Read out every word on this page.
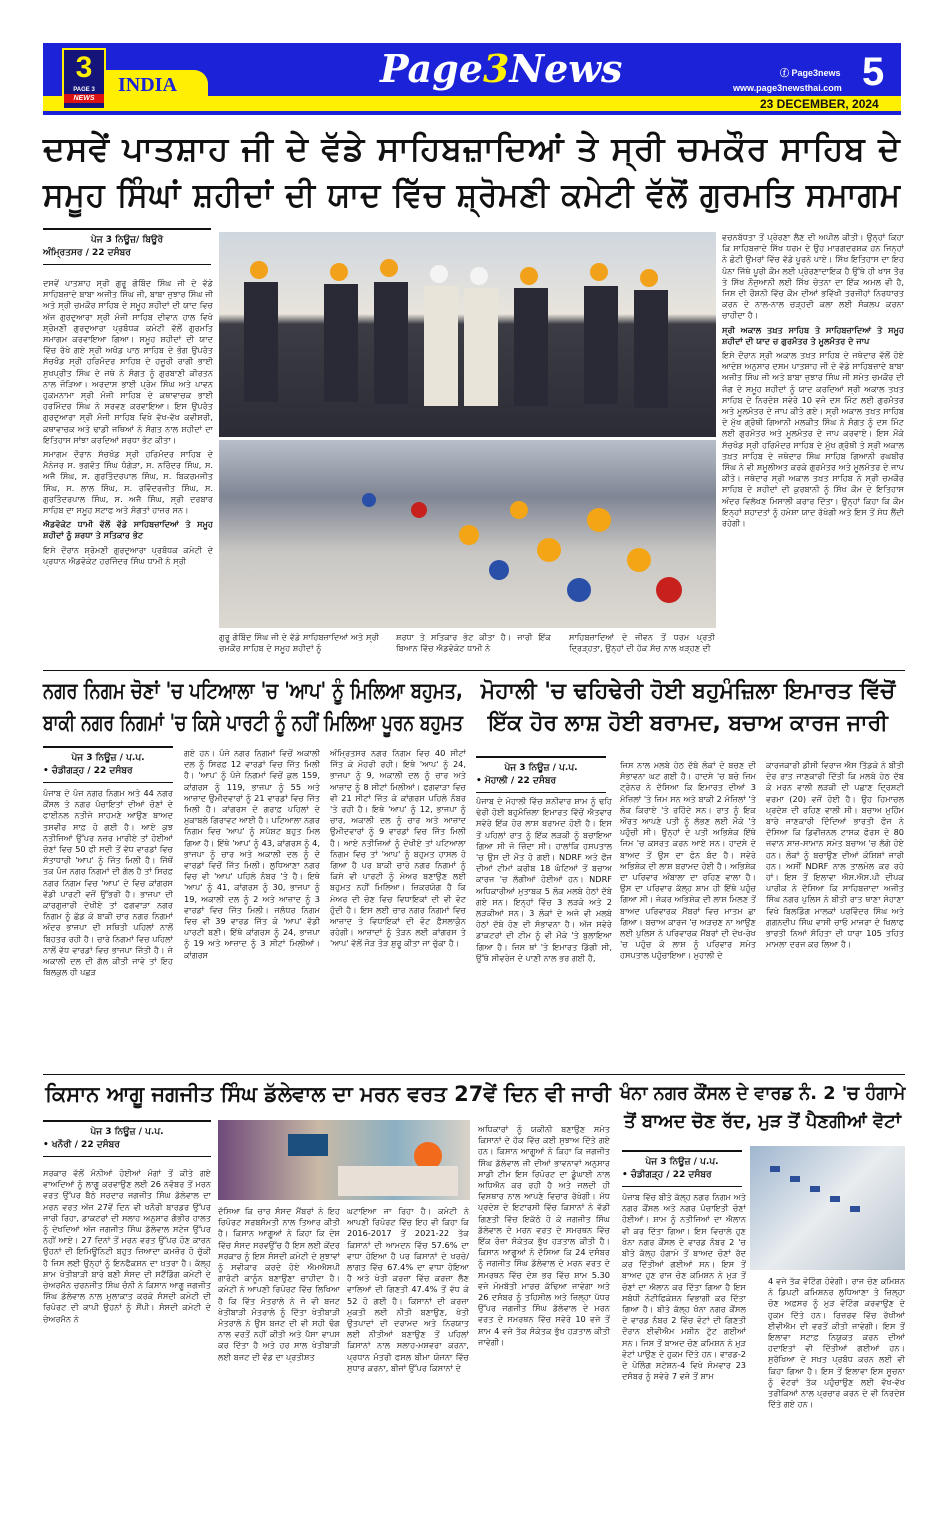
3
PAGE 3
NEWS
INDIA	Page3News	ⓕ Page3news
www.page3newsthai.com 5
23 DECEMBER, 2024
ਦਸਵੇਂ ਪਾਤਸ਼ਾਹ ਜੀ ਦੇ ਵੱਡੇ ਸਾਹਿਬਜ਼ਾਦਿਆਂ ਤੇ ਸ੍ਰੀ ਚਮਕੌਰ ਸਾਹਿਬ ਦੇ
ਸਮੂਹ ਸਿੰਘਾਂ ਸ਼ਹੀਦਾਂ ਦੀ ਯਾਦ ਵਿੱਚ ਸ਼੍ਰੋਮਣੀ ਕਮੇਟੀ ਵੱਲੋਂ ਗੁਰਮਤਿ ਸਮਾਗਮ
ਪੇਜ 3 ਨਿਊਜ਼/ ਬਿਊਰੋ
ਅੰਮ੍ਰਿਤਸਰ / 22 ਦਸੰਬਰ

ਦਸਵੇਂ ਪਾਤਸ਼ਾਹ ਸ੍ਰੀ ਗੁਰੂ ਗੋਬਿੰਦ ਸਿੰਘ ਜੀ ਦੇ ਵੱਡੇ ਸਾਹਿਬਜ਼ਾਦੇ ਬਾਬਾ ਅਜੀਤ ਸਿੰਘ ਜੀ, ਬਾਬਾ ਜੁਝਾਰ ਸਿੰਘ ਜੀ ਅਤੇ ਸ੍ਰੀ ਚਮਕੌਰ ਸਾਹਿਬ ਦੇ ਸਮੂਹ ਸ਼ਹੀਦਾਂ ਦੀ ਯਾਦ ਵਿਚ ਅੱਜ ਗੁਰਦੁਆਰਾ ਸ੍ਰੀ ਮੰਜੀ ਸਾਹਿਬ ਦੀਵਾਨ ਹਾਲ ਵਿਖੇ ਸ਼੍ਰੋਮਣੀ ਗੁਰਦੁਆਰਾ ਪ੍ਰਬੰਧਕ ਕਮੇਟੀ ਵੱਲੋਂ ਗੁਰਮਤਿ ਸਮਾਗਮ ਕਰਵਾਇਆ ਗਿਆ। ਸਮੂਹ ਸ਼ਹੀਦਾਂ ਦੀ ਯਾਦ ਵਿੱਚ ਰੱਖੇ ਗਏ ਸ੍ਰੀ ਅਖੰਡ ਪਾਠ ਸਾਹਿਬ ਦੇ ਭੋਗ ਉਪਰੰਤ ਸੱਚਖੰਡ ਸ੍ਰੀ ਹਰਿਮੰਦਰ ਸਾਹਿਬ ਦੇ ਹਜ਼ੂਰੀ ਰਾਗੀ ਭਾਈ ਸੁਖਪ੍ਰੀਤ ਸਿੰਘ ਦੇ ਜਥੇ ਨੇ ਸੰਗਤ ਨੂੰ ਗੁਰਬਾਣੀ ਕੀਰਤਨ ਨਾਲ ਜੋੜਿਆ। ਅਰਦਾਸ ਭਾਈ ਪ੍ਰੇਮ ਸਿੰਘ ਅਤੇ ਪਾਵਨ ਹੁਕਮਨਾਮਾ ਸ੍ਰੀ ਮੰਜੀ ਸਾਹਿਬ ਦੇ ਕਥਾਵਾਚਕ ਭਾਈ ਹਰਮਿੰਦਰ ਸਿੰਘ ਨੇ ਸਰਵਣ ਕਰਵਾਇਆ। ਇਸ ਉਪਰੰਤ ਗੁਰਦੁਆਰਾ ਸ੍ਰੀ ਮੰਜੀ ਸਾਹਿਬ ਵਿਖੇ ਵੱਖ-ਵੱਖ ਕਵੀਸ਼ਰੀ, ਕਥਾਵਾਚਕ ਅਤੇ ਢਾਡੀ ਜਥਿਆਂ ਨੇ ਸੰਗਤ ਨਾਲ ਸ਼ਹੀਦਾਂ ਦਾ ਇਤਿਹਾਸ ਸਾਂਝਾ ਕਰਦਿਆਂ ਸ਼ਰਧਾ ਭੇਟ ਕੀਤਾ।

ਸਮਾਗਮ ਦੌਰਾਨ ਸੱਚਖੰਡ ਸ੍ਰੀ ਹਰਿਮੰਦਰ ਸਾਹਿਬ ਦੇ ਮੈਨੇਜਰ ਸ. ਭਗਵੰਤ ਸਿੰਘ ਧੰਗੇੜਾ, ਸ. ਨਰਿੰਦਰ ਸਿੰਘ, ਸ. ਅਜੈ ਸਿੰਘ, ਸ. ਗੁਰਤਿੰਦਰਪਾਲ ਸਿੰਘ, ਸ. ਬਿਕਰਮਜੀਤ ਸਿੰਘ, ਸ. ਲਾਲ ਸਿੰਘ, ਸ. ਰਵਿੰਦਰਜੀਤ ਸਿੰਘ, ਸ. ਗੁਰਤਿੰਦਰਪਾਲ ਸਿੰਘ, ਸ. ਅਜੈ ਸਿੰਘ, ਸ੍ਰੀ ਦਰਬਾਰ ਸਾਹਿਬ ਦਾ ਸਮੂਹ ਸਟਾਫ ਅਤੇ ਸੰਗਤਾਂ ਹਾਜ਼ਰ ਸਨ।

ਐਡਵੋਕੇਟ ਧਾਮੀ ਵੱਲੋਂ ਵੱਡੇ ਸਾਹਿਬਜ਼ਾਦਿਆਂ ਤੇ ਸਮੂਹ ਸ਼ਹੀਦਾਂ ਨੂੰ ਸ਼ਰਧਾ ਤੇ ਸਤਿਕਾਰ ਭੇਟ

ਇਸੇ ਦੌਰਾਨ ਸ਼੍ਰੋਮਣੀ ਗੁਰਦੁਆਰਾ ਪ੍ਰਬੰਧਕ ਕਮੇਟੀ ਦੇ ਪ੍ਰਧਾਨ ਐਡਵੋਕੇਟ ਹਰਜਿੰਦਰ ਸਿੰਘ ਧਾਮੀ ਨੇ ਸ੍ਰੀ

ਗੁਰੂ ਗੋਬਿੰਦ ਸਿੰਘ ਜੀ ਦੇ ਵੱਡੇ ਸਾਹਿਬਜ਼ਾਦਿਆਂ ਅਤੇ ਸ੍ਰੀ ਚਮਕੌਰ ਸਾਹਿਬ ਦੇ ਸਮੂਹ ਸ਼ਹੀਦਾਂ ਨੂੰ
ਸ਼ਰਧਾ ਤੇ ਸਤਿਕਾਰ ਭੇਟ ਕੀਤਾ ਹੈ। ਜਾਰੀ ਇੱਕ ਬਿਆਨ ਵਿੱਚ ਐਡਵੋਕੇਟ ਧਾਮੀ ਨੇ
ਸਾਹਿਬਜ਼ਾਦਿਆਂ ਦੇ ਜੀਵਨ ਤੋਂ ਧਰਮ ਪ੍ਰਤੀ ਦ੍ਰਿੜ੍ਹਤਾ, ਉਨ੍ਹਾਂ ਦੀ ਹੱਕ ਸੱਚ ਨਾਲ ਖੜ੍ਹਣ ਦੀ

ਵਚਨਬੱਧਤਾ ਤੋਂ ਪ੍ਰੇਰਣਾ ਲੈਣ ਦੀ ਅਪੀਲ ਕੀਤੀ। ਉਨ੍ਹਾਂ ਕਿਹਾ ਕਿ ਸਾਹਿਬਜ਼ਾਦੇ ਸਿੱਖ ਧਰਮ ਦੇ ਉਹ ਮਾਰਗਦਰਸ਼ਕ ਹਨ ਜਿਨ੍ਹਾਂ ਨੇ ਛੋਟੀ ਉਮਰਾਂ ਵਿੱਚ ਵੱਡੇ ਪੂਰਨੇ ਪਾਏ। ਸਿੱਖ ਇਤਿਹਾਸ ਦਾ ਇਹ ਪੰਨਾ ਜਿੱਥੇ ਪੂਰੀ ਕੌਮ ਲਈ ਪ੍ਰੇਰਣਾਦਾਇਕ ਹੈ ਉੱਥੇ ਹੀ ਖਾਸ ਤੌਰ ਤੇ ਸਿੱਖ ਨੌਜੁਆਨੀ ਲਈ ਸਿੱਖ ਚੇਤਨਾ ਦਾ ਇੱਕ ਅਮਲ ਵੀ ਹੈ, ਜਿਸ ਦੀ ਰੌਸ਼ਨੀ ਵਿੱਚ ਕੌਮ ਦੀਆਂ ਭਵਿੱਖੀ ਤਰਜੀਹਾਂ ਨਿਰਧਾਰਤ ਕਰਨ ਦੇ ਨਾਲ-ਨਾਲ ਚੜ੍ਹਦੀ ਕਲਾ ਲਈ ਸੰਕਲਪ ਕਰਨਾ ਚਾਹੀਦਾ ਹੈ।

ਸ੍ਰੀ ਅਕਾਲ ਤਖ਼ਤ ਸਾਹਿਬ ਤੇ ਸਾਹਿਬਜ਼ਾਦਿਆਂ ਤੇ ਸਮੂਹ ਸ਼ਹੀਦਾਂ ਦੀ ਯਾਦ ਚ ਗੁਰਮੰਤਰ ਤੇ ਮੂਲਮੰਤਰ ਦੇ ਜਾਪ

ਇਸੇ ਦੌਰਾਨ ਸ੍ਰੀ ਅਕਾਲ ਤਖ਼ਤ ਸਾਹਿਬ ਦੇ ਜਥੇਦਾਰ ਵੱਲੋਂ ਹੋਏ ਆਦੇਸ਼ ਅਨੁਸਾਰ ਦਸਮ ਪਾਤਸ਼ਾਹ ਜੀ ਦੇ ਵੱਡੇ ਸਾਹਿਬਜ਼ਾਦੇ ਬਾਬਾ ਅਜੀਤ ਸਿੰਘ ਜੀ ਅਤੇ ਬਾਬਾ ਜੁਝਾਰ ਸਿੰਘ ਜੀ ਸਮੇਤ ਚਮਕੌਰ ਦੀ ਜੰਗ ਦੇ ਸਮੂਹ ਸ਼ਹੀਦਾਂ ਨੂੰ ਯਾਦ ਕਰਦਿਆਂ ਸ੍ਰੀ ਅਕਾਲ ਤਖ਼ਤ ਸਾਹਿਬ ਦੇ ਨਿਰਦੇਸ਼ ਸਵੇਰੇ 10 ਵਜੇ ਦਸ ਮਿੰਟ ਲਈ ਗੁਰਮੰਤਰ ਅਤੇ ਮੂਲਮੰਤਰ ਦੇ ਜਾਪ ਕੀਤੇ ਗਏ। ਸ੍ਰੀ ਅਕਾਲ ਤਖ਼ਤ ਸਾਹਿਬ ਦੇ ਮੁੱਖ ਗ੍ਰੰਥੀ ਗਿਆਨੀ ਮਲਕੀਤ ਸਿੰਘ ਨੇ ਸੰਗਤ ਨੂੰ ਦਸ ਮਿੰਟ ਲਈ ਗੁਰਮੰਤਰ ਅਤੇ ਮੂਲਮੰਤਰ ਦੇ ਜਾਪ ਕਰਵਾਏ। ਇਸ ਮੌਕੇ ਸੱਚਖੰਡ ਸ੍ਰੀ ਹਰਿਮੰਦਰ ਸਾਹਿਬ ਦੇ ਮੁੱਖ ਗ੍ਰੰਥੀ ਤੇ ਸ੍ਰੀ ਅਕਾਲ ਤਖ਼ਤ ਸਾਹਿਬ ਦੇ ਜਥੇਦਾਰ ਸਿੰਘ ਸਾਹਿਬ ਗਿਆਨੀ ਰਘਬੀਰ ਸਿੰਘ ਨੇ ਵੀ ਸ਼ਮੂਲੀਅਤ ਕਰਕੇ ਗੁਰਮੰਤਰ ਅਤੇ ਮੂਲਮੰਤਰ ਦੇ ਜਾਪ ਕੀਤੇ। ਜਥੇਦਾਰ ਸ੍ਰੀ ਅਕਾਲ ਤਖ਼ਤ ਸਾਹਿਬ ਨੇ ਸ੍ਰੀ ਚਮਕੌਰ ਸਾਹਿਬ ਦੇ ਸ਼ਹੀਦਾਂ ਦੀ ਕੁਰਬਾਨੀ ਨੂੰ ਸਿੱਖ ਕੌਮ ਦੇ ਇਤਿਹਾਸ ਅੰਦਰ ਵਿਲੱਖਣ ਮਿਸਾਲੀ ਕਰਾਰ ਦਿੱਤਾ। ਉਨ੍ਹਾਂ ਕਿਹਾ ਕਿ ਕੌਮ ਇਨ੍ਹਾਂ ਸ਼ਹਾਦਤਾਂ ਨੂੰ ਹਮੇਸ਼ਾ ਯਾਦ ਰੱਖੇਗੀ ਅਤੇ ਇਸ ਤੋਂ ਸੇਧ ਲੈਂਦੀ ਰਹੇਗੀ।

ਨਗਰ ਨਿਗਮ ਚੋਣਾਂ 'ਚ ਪਟਿਆਲਾ 'ਚ 'ਆਪ' ਨੂੰ ਮਿਲਿਆ ਬਹੁਮਤ,
ਬਾਕੀ ਨਗਰ ਨਿਗਮਾਂ 'ਚ ਕਿਸੇ ਪਾਰਟੀ ਨੂੰ ਨਹੀਂ ਮਿਲਿਆ ਪੂਰਨ ਬਹੁਮਤ
ਪੇਜ 3 ਨਿਊਜ਼ / ਪ.ਪ.
• ਚੰਡੀਗੜ੍ਹ / 22 ਦਸੰਬਰ
ਪੰਜਾਬ ਦੇ ਪੰਜ ਨਗਰ ਨਿਗਮ ਅਤੇ 44 ਨਗਰ ਕੌਂਸਲ ਤੇ ਨਗਰ ਪੰਚਾਇਤਾਂ ਦੀਆਂ ਚੋਣਾਂ ਦੇ ਫਾਈਨਲ ਨਤੀਜੇ ਸਾਹਮਣੇ ਆਉਣ ਬਾਅਦ ਤਸਵੀਰ ਸਾਫ਼ ਹੋ ਗਈ ਹੈ। ਆਏ ਕੁਝ ਨਤੀਜਿਆਂ ਉੱਪਰ ਨਜ਼ਰ ਮਾਰੀਏ ਤਾਂ ਹੋਈਆਂ ਚੋਣਾਂ ਵਿਚ 50 ਫੀ ਸਦੀ ਤੋਂ ਵੱਧ ਵਾਰਡਾਂ ਵਿਚ ਸੱਤਾਧਾਰੀ 'ਆਪ' ਨੂੰ ਜਿੱਤ ਮਿਲੀ ਹੈ। ਜਿੱਥੋਂ ਤਕ ਪੰਜ ਨਗਰ ਨਿਗਮਾਂ ਦੀ ਗੱਲ ਹੈ ਤਾਂ ਸਿਰਫ਼ ਨਗਰ ਨਿਗਮ ਵਿਚ 'ਆਪ' ਦੇ ਵਿਚ ਕਾਂਗਰਸ ਵੱਡੀ ਪਾਰਟੀ ਵਜੋਂ ਉੱਭਰੀ ਹੈ। ਭਾਜਪਾ ਦੀ ਕਾਰਗੁਜ਼ਾਰੀ ਦੇਖੀਏ ਤਾਂ ਫਗਵਾੜਾ ਨਗਰ ਨਿਗਮ ਨੂੰ ਛੱਡ ਕੇ ਬਾਕੀ ਚਾਰ ਨਗਰ ਨਿਗਮਾਂ ਅੰਦਰ ਭਾਜਪਾ ਦੀ ਸਥਿਤੀ ਪਹਿਲਾਂ ਨਾਲੋਂ ਬਿਹਤਰ ਰਹੀ ਹੈ। ਚਾਰੇ ਨਿਗਮਾਂ ਵਿਚ ਪਹਿਲਾਂ ਨਾਲੋਂ ਵੱਧ ਵਾਰਡਾਂ ਵਿਚ ਭਾਜਪਾ ਜਿੱਤੀ ਹੈ। ਜੇ ਅਕਾਲੀ ਦਲ ਦੀ ਗੱਲ ਕੀਤੀ ਜਾਵੇ ਤਾਂ ਇਹ ਬਿਲਕੁਲ ਹੀ ਪਛੜ
ਗਏ ਹਨ। ਪੰਜੇ ਨਗਰ ਨਿਗਮਾਂ ਵਿਚੋਂ ਅਕਾਲੀ ਦਲ ਨੂੰ ਸਿਰਫ਼ 12 ਵਾਰਡਾਂ ਵਿਚ ਜਿੱਤ ਮਿਲੀ ਹੈ। 'ਆਪ' ਨੂੰ ਪੰਜੇ ਨਿਗਮਾਂ ਵਿਚੋਂ ਕੁਲ 159, ਕਾਂਗਰਸ ਨੂੰ 119, ਭਾਜਪਾ ਨੂੰ 55 ਅਤੇ ਆਜ਼ਾਦ ਉਮੀਦਵਾਰਾਂ ਨੂੰ 21 ਵਾਰਡਾਂ ਵਿਚ ਜਿੱਤ ਮਿਲੀ ਹੈ। ਕਾਂਗਰਸ ਦੇ ਗਰਾਫ਼ ਪਹਿਲਾਂ ਦੇ ਮੁਕਾਬਲੇ ਗਿਰਾਵਟ ਆਈ ਹੈ। ਪਟਿਆਲਾ ਨਗਰ ਨਿਗਮ ਵਿਚ 'ਆਪ' ਨੂੰ ਸਪੱਸ਼ਟ ਬਹੁਤ ਮਿਲ ਗਿਆ ਹੈ। ਇੱਥੇ 'ਆਪ' ਨੂੰ 43, ਕਾਂਗਰਸ ਨੂੰ 4, ਭਾਜਪਾ ਨੂੰ ਚਾਰ ਅਤੇ ਅਕਾਲੀ ਦਲ ਨੂੰ ਦੋ ਵਾਰਡਾਂ ਵਿਚੋਂ ਜਿੱਤ ਮਿਲੀ। ਲੁਧਿਆਣਾ ਨਗਰ ਵਿਚ ਵੀ 'ਆਪ' ਪਹਿਲੇ ਨੰਬਰ 'ਤੇ ਹੈ। ਇਥੇ 'ਆਪ' ਨੂੰ 41, ਕਾਂਗਰਸ ਨੂੰ 30, ਭਾਜਪਾ ਨੂੰ 19, ਅਕਾਲੀ ਦਲ ਨੂੰ 2 ਅਤੇ ਆਜ਼ਾਦ ਨੂੰ 3 ਵਾਰਡਾਂ ਵਿਚ ਜਿੱਤ ਮਿਲੀ। ਜਲੰਧਰ ਨਿਗਮ ਵਿਚ ਵੀ 39 ਵਾਰਡ ਜਿੱਤ ਕੇ 'ਆਪ' ਵੱਡੀ ਪਾਰਟੀ ਬਣੀ। ਇੱਥੇ ਕਾਂਗਰਸ ਨੂੰ 24, ਭਾਜਪਾ ਨੂੰ 19 ਅਤੇ ਆਜ਼ਾਦ ਨੂੰ 3 ਸੀਟਾਂ ਮਿਲੀਆਂ। ਕਾਂਗਰਸ
ਅੰਮ੍ਰਿਤਸਰ ਨਗਰ ਨਿਗਮ ਵਿਚ 40 ਸੀਟਾਂ ਜਿੱਤ ਕੇ ਮੋਹਰੀ ਰਹੀ। ਇਥੇ 'ਆਪ' ਨੂੰ 24, ਭਾਜਪਾ ਨੂੰ 9, ਅਕਾਲੀ ਦਲ ਨੂੰ ਚਾਰ ਅਤੇ ਆਜ਼ਾਦ ਨੂੰ 8 ਸੀਟਾਂ ਮਿਲੀਆਂ। ਫਗਵਾੜਾ ਵਿਚ ਵੀ 21 ਸੀਟਾਂ ਜਿੱਤ ਕੇ ਕਾਂਗਰਸ ਪਹਿਲੇ ਨੰਬਰ 'ਤੇ ਰਹੀ ਹੈ। ਇਥੇ 'ਆਪ' ਨੂੰ 12, ਭਾਜਪਾ ਨੂੰ ਚਾਰ, ਅਕਾਲੀ ਦਲ ਨੂੰ ਚਾਰ ਅਤੇ ਆਜ਼ਾਦ ਉਮੀਦਵਾਰਾਂ ਨੂੰ 9 ਵਾਰਡਾਂ ਵਿਚ ਜਿੱਤ ਮਿਲੀ ਹੈ। ਆਏ ਨਤੀਜਿਆਂ ਨੂੰ ਦੇਖੀਏ ਤਾਂ ਪਟਿਆਲਾ ਨਿਗਮ ਵਿਚ ਤਾਂ 'ਆਪ' ਨੂੰ ਬਹੁਮਤ ਹਾਸਲ ਹੋ ਗਿਆ ਹੈ ਪਰ ਬਾਕੀ ਚਾਰੇ ਨਗਰ ਨਿਗਮਾਂ ਨੂੰ ਕਿਸੇ ਵੀ ਪਾਰਟੀ ਨੂੰ ਮੇਅਰ ਬਣਾਉਣ ਲਈ ਬਹੁਮਤ ਨਹੀਂ ਮਿਲਿਆ। ਜ਼ਿਕਰਯੋਗ ਹੈ ਕਿ ਮੇਅਰ ਦੀ ਚੋਣ ਵਿਚ ਵਿਧਾਇਕਾਂ ਦੀ ਵੀ ਵੋਟ ਹੁੰਦੀ ਹੈ। ਇਸ ਲਈ ਚਾਰ ਨਗਰ ਨਿਗਮਾਂ ਵਿਚ ਆਜ਼ਾਦ ਤੇ ਵਿਧਾਇਕਾਂ ਦੀ ਵੋਟ ਫ਼ੈਸਲਾਕੁੰਨ ਰਹੇਗੀ। ਆਜ਼ਾਦਾਂ ਨੂੰ ਤੋੜਨ ਲਈ ਕਾਂਗਰਸ ਤੇ 'ਆਪ' ਵੱਲੋਂ ਜੋੜ ਤੋੜ ਸ਼ੁਰੂ ਕੀਤਾ ਜਾ ਚੁੱਕਾ ਹੈ।
ਮੋਹਾਲੀ 'ਚ ਢਹਿਢੇਰੀ ਹੋਈ ਬਹੁਮੰਜ਼ਿਲਾ ਇਮਾਰਤ ਵਿੱਚੋਂ
ਇੱਕ ਹੋਰ ਲਾਸ਼ ਹੋਈ ਬਰਾਮਦ, ਬਚਾਅ ਕਾਰਜ ਜਾਰੀ
ਪੇਜ 3 ਨਿਊਜ਼ / ਪ.ਪ.
• ਮੋਹਾਲੀ / 22 ਦਸੰਬਰ
ਪੰਜਾਬ ਦੇ ਮੋਹਾਲੀ ਵਿੱਚ ਸ਼ਨੀਵਾਰ ਸ਼ਾਮ ਨੂੰ ਢਹਿ ਢੇਰੀ ਹੋਈ ਬਹੁਮੰਜ਼ਿਲਾ ਇਮਾਰਤ ਵਿੱਚੋਂ ਐਤਵਾਰ ਸਵੇਰੇ ਇੱਕ ਹੋਰ ਲਾਸ਼ ਬਰਾਮਦ ਹੋਈ ਹੈ। ਇਸ ਤੋਂ ਪਹਿਲਾਂ ਰਾਤ ਨੂੰ ਇੱਕ ਲੜਕੀ ਨੂੰ ਬਚਾਇਆ ਗਿਆ ਸੀ ਜੋ ਜ਼ਿੰਦਾ ਸੀ। ਹਾਲਾਂਕਿ ਹਸਪਤਾਲ 'ਚ ਉਸ ਦੀ ਮੌਤ ਹੋ ਗਈ। NDRF ਅਤੇ ਫੌਜ ਦੀਆਂ ਟੀਮਾਂ ਕਰੀਬ 18 ਘੰਟਿਆਂ ਤੋਂ ਬਚਾਅ ਕਾਰਜ 'ਚ ਲੱਗੀਆਂ ਹੋਈਆਂ ਹਨ। NDRF ਅਧਿਕਾਰੀਆਂ ਮੁਤਾਬਕ 5 ਲੋਕ ਮਲਬੇ ਹੇਠਾਂ ਦੱਬੇ ਗਏ ਸਨ। ਇਨ੍ਹਾਂ ਵਿੱਚ 3 ਲੜਕੇ ਅਤੇ 2 ਲੜਕੀਆਂ ਸਨ। 3 ਲੋਕਾਂ ਦੇ ਅਜੇ ਵੀ ਮਲਬੇ ਹੇਠਾਂ ਦੱਬੇ ਹੋਣ ਦੀ ਸੰਭਾਵਨਾ ਹੈ। ਅੱਜ ਸਵੇਰੇ ਡਾਕਟਰਾਂ ਦੀ ਟੀਮ ਨੂੰ ਵੀ ਮੌਕੇ 'ਤੇ ਬੁਲਾਇਆ ਗਿਆ ਹੈ। ਜਿਸ ਥਾਂ 'ਤੇ ਇਮਾਰਤ ਡਿੱਗੀ ਸੀ, ਉੱਥੇ ਸੀਵਰੇਜ ਦੇ ਪਾਣੀ ਨਾਲ ਭਰ ਗਈ ਹੈ,
ਜਿਸ ਨਾਲ ਮਲਬੇ ਹੇਠ ਦੱਬੇ ਲੋਕਾਂ ਦੇ ਬਚਣ ਦੀ ਸੰਭਾਵਨਾ ਘਟ ਗਈ ਹੈ। ਹਾਦਸੇ 'ਚ ਬਚੇ ਜਿਮ ਟ੍ਰੇਨਰ ਨੇ ਦੱਸਿਆ ਕਿ ਇਮਾਰਤ ਦੀਆਂ 3 ਮੰਜ਼ਿਲਾਂ 'ਤੇ ਜਿਮ ਸਨ ਅਤੇ ਬਾਕੀ 2 ਮੰਜ਼ਿਲਾਂ 'ਤੇ ਲੋਕ ਕਿਰਾਏ 'ਤੇ ਰਹਿੰਦੇ ਸਨ। ਰਾਤ ਨੂੰ ਇਕ ਔਰਤ ਆਪਣੇ ਪਤੀ ਨੂੰ ਲੱਭਣ ਲਈ ਮੌਕੇ 'ਤੇ ਪਹੁੰਚੀ ਸੀ। ਉਨ੍ਹਾਂ ਦੇ ਪਤੀ ਅਭਿਸ਼ੇਕ ਇੱਥੇ ਜਿਮ 'ਚ ਕਸਰਤ ਕਰਨ ਆਏ ਸਨ। ਹਾਦਸੇ ਦੇ ਬਾਅਦ ਤੋਂ ਉਸ ਦਾ ਫੋਨ ਬੰਦ ਹੈ। ਸਵੇਰੇ ਅਭਿਸ਼ੇਕ ਦੀ ਲਾਸ਼ ਬਰਾਮਦ ਹੋਈ ਹੈ। ਅਭਿਸ਼ੇਕ ਦਾ ਪਰਿਵਾਰ ਅੰਬਾਲਾ ਦਾ ਰਹਿਣ ਵਾਲਾ ਹੈ। ਉਸ ਦਾ ਪਰਿਵਾਰ ਕੱਲ੍ਹ ਸ਼ਾਮ ਹੀ ਇੱਥੇ ਪਹੁੰਚ ਗਿਆ ਸੀ। ਜੇਕਰ ਅਭਿਸ਼ੇਕ ਦੀ ਲਾਸ਼ ਮਿਲਣ ਤੋਂ ਬਾਅਦ ਪਰਿਵਾਰਕ ਮੈਂਬਰਾਂ ਵਿਚ ਮਾਤਮ ਛਾ ਗਿਆ। ਬਚਾਅ ਕਾਰਜ 'ਚ ਅੜਚਣ ਨਾ ਆਉਣ ਲਈ ਪੁਲਿਸ ਨੇ ਪਰਿਵਾਰਕ ਮੈਂਬਰਾਂ ਦੀ ਦੇਖ-ਰੇਖ 'ਚ ਪਹੁੰਚ ਕੇ ਲਾਸ਼ ਨੂੰ ਪਰਿਵਾਰ ਸਮੇਤ ਹਸਪਤਾਲ ਪਹੁੰਚਾਇਆ। ਮੁਹਾਲੀ ਦੇ
ਕਾਰਜਕਾਰੀ ਡੀਸੀ ਵਿਰਾਜ ਐਸ ਤਿੱਡਕੇ ਨੇ ਬੀਤੀ ਦੇਰ ਰਾਤ ਜਾਣਕਾਰੀ ਦਿੱਤੀ ਕਿ ਮਲਬੇ ਹੇਠ ਦੱਬ ਕੇ ਮਰਨ ਵਾਲੀ ਲੜਕੀ ਦੀ ਪਛਾਣ ਦ੍ਰਿਸ਼ਟੀ ਵਰਮਾ (20) ਵਜੋਂ ਹੋਈ ਹੈ। ਉਹ ਹਿਮਾਚਲ ਪ੍ਰਦੇਸ਼ ਦੀ ਰਹਿਣ ਵਾਲੀ ਸੀ। ਬਚਾਅ ਮੁਹਿੰਮ ਬਾਰੇ ਜਾਣਕਾਰੀ ਦਿੰਦਿਆਂ ਭਾਰਤੀ ਫੌਜ ਨੇ ਦੱਸਿਆ ਕਿ ਡਿਵੀਜ਼ਨਲ ਟਾਸਕ ਫੋਰਸ ਦੇ 80 ਜਵਾਨ ਸਾਜ਼-ਸਾਮਾਨ ਸਮੇਤ ਬਚਾਅ 'ਚ ਲੱਗੇ ਹੋਏ ਹਨ। ਲੋਕਾਂ ਨੂੰ ਬਚਾਉਣ ਦੀਆਂ ਕੋਸ਼ਿਸ਼ਾਂ ਜਾਰੀ ਹਨ। ਅਸੀਂ NDRF ਨਾਲ ਤਾਲਮੇਲ ਕਰ ਰਹੇ ਹਾਂ। ਇਸ ਤੋਂ ਇਲਾਵਾ ਐਸ.ਐਸ.ਪੀ ਦੀਪਕ ਪਾਰੀਕ ਨੇ ਦੱਸਿਆ ਕਿ ਸਾਹਿਬਜ਼ਾਦਾ ਅਜੀਤ ਸਿੰਘ ਨਗਰ ਪੁਲਿਸ ਨੇ ਬੀਤੀ ਰਾਤ ਥਾਣਾ ਸੋਹਾਣਾ ਵਿਖੇ ਬਿਲਡਿੰਗ ਮਾਲਕਾਂ ਪਰਵਿੰਦਰ ਸਿੰਘ ਅਤੇ ਗਗਨਦੀਪ ਸਿੰਘ ਵਾਸੀ ਚਾਓ ਮਾਜਰਾ ਦੇ ਖਿਲਾਫ ਭਾਰਤੀ ਨਿਆਂ ਸੰਹਿਤਾ ਦੀ ਧਾਰਾ 105 ਤਹਿਤ ਮਾਮਲਾ ਦਰਜ ਕਰ ਲਿਆ ਹੈ।
ਕਿਸਾਨ ਆਗੂ ਜਗਜੀਤ ਸਿੰਘ ਡੱਲੇਵਾਲ ਦਾ ਮਰਨ ਵਰਤ 27ਵੇਂ ਦਿਨ ਵੀ ਜਾਰੀ
ਪੇਜ 3 ਨਿਊਜ਼ / ਪ.ਪ.
• ਖਨੌਰੀ / 22 ਦਸੰਬਰ
ਸਰਕਾਰ ਵੱਲੋਂ ਮੰਨੀਆਂ ਹੋਈਆਂ ਮੰਗਾਂ ਤੋਂ ਕੀਤੇ ਗਏ ਵਾਅਦਿਆਂ ਨੂੰ ਲਾਗੂ ਕਰਵਾਉਣ ਲਈ 26 ਨਵੰਬਰ ਤੋਂ ਮਰਨ ਵਰਤ ਉੱਪਰ ਬੈਠੇ ਸਰਦਾਰ ਜਗਜੀਤ ਸਿੰਘ ਡੱਲੇਵਾਲ ਦਾ ਮਰਨ ਵਰਤ ਅੱਜ 27ਵੇਂ ਦਿਨ ਵੀ ਖਨੌਰੀ ਬਾਰਡਰ ਉੱਪਰ ਜਾਰੀ ਰਿਹਾ, ਡਾਕਟਰਾਂ ਦੀ ਸਲਾਹ ਅਨੁਸਾਰ ਗੰਭੀਰ ਹਾਲਤ ਨੂੰ ਦੇਖਦਿਆਂ ਅੱਜ ਜਗਜੀਤ ਸਿੰਘ ਡੱਲੇਵਾਲ ਸਟੇਜ ਉੱਪਰ ਨਹੀਂ ਆਏ। 27 ਦਿਨਾਂ ਤੋਂ ਮਰਨ ਵਰਤ ਉੱਪਰ ਹੋਣ ਕਾਰਨ ਉਹਨਾਂ ਦੀ ਇਮਿਊਨਿਟੀ ਬਹੁਤ ਜ਼ਿਆਦਾ ਕਮਜ਼ੋਰ ਹੋ ਚੁੱਕੀ ਹੈ ਜਿਸ ਲਈ ਉਨ੍ਹਾਂ ਨੂੰ ਇਨਫੈਕਸ਼ਨ ਦਾ ਖ਼ਤਰਾ ਹੈ। ਕੱਲ੍ਹ ਸ਼ਾਮ ਖੇਤੀਬਾੜੀ ਬਾਰੇ ਬਣੀ ਸੰਸਦ ਦੀ ਸਟੈਂਡਿੰਗ ਕਮੇਟੀ ਦੇ ਚੇਅਰਮੈਨ ਚਰਨਜੀਤ ਸਿੰਘ ਚੰਨੀ ਨੇ ਕਿਸਾਨ ਆਗੂ ਜਗਜੀਤ ਸਿੰਘ ਡੱਲੇਵਾਲ ਨਾਲ ਮੁਲਾਕਾਤ ਕਰਕੇ ਸੰਸਦੀ ਕਮੇਟੀ ਦੀ ਰਿਪੋਰਟ ਦੀ ਕਾਪੀ ਉਹਨਾਂ ਨੂੰ ਸੌਂਪੀ। ਸੰਸਦੀ ਕਮੇਟੀ ਦੇ ਚੇਅਰਮੈਨ ਨੇ
ਦੱਸਿਆ ਕਿ ਚਾਰ ਸੰਸਦ ਮੈਂਬਰਾਂ ਨੇ ਇਹ ਰਿਪੋਰਟ ਸਰਬਸੰਮਤੀ ਨਾਲ ਤਿਆਰ ਕੀਤੀ ਹੈ। ਕਿਸਾਨ ਆਗੂਆਂ ਨੇ ਕਿਹਾ ਕਿ ਦੇਸ਼ ਵਿੱਚ ਸੰਸਦ ਸਰਵਉੱਚ ਹੈ ਇਸ ਲਈ ਕੇਂਦਰ ਸਰਕਾਰ ਨੂੰ ਇਸ ਸੰਸਦੀ ਕਮੇਟੀ ਦੇ ਸੁਝਾਵਾਂ ਨੂੰ ਸਵੀਕਾਰ ਕਰਦੇ ਹੋਏ ਐਮਐਸਪੀ ਗਾਰੰਟੀ ਕਾਨੂੰਨ ਬਣਾਉਣਾ ਚਾਹੀਦਾ ਹੈ। ਕਮੇਟੀ ਨੇ ਆਪਣੀ ਰਿਪੋਰਟ ਵਿੱਚ ਲਿਖਿਆ ਹੈ ਕਿ ਵਿੱਤ ਮੰਤਰਾਲੇ ਨੇ ਜੋ ਵੀ ਬਜਟ ਖੇਤੀਬਾੜੀ ਮੰਤਰਾਲੇ ਨੂੰ ਦਿੱਤਾ ਖੇਤੀਬਾੜੀ ਮੰਤਰਾਲੇ ਨੇ ਉਸ ਬਜਟ ਦੀ ਵੀ ਸਹੀ ਢੰਗ ਨਾਲ ਵਰਤੋਂ ਨਹੀਂ ਕੀਤੀ ਅਤੇ ਪੈਸਾ ਵਾਪਸ ਕਰ ਦਿੱਤਾ ਹੈ ਅਤੇ ਹਰ ਸਾਲ ਖੇਤੀਬਾੜੀ ਲਈ ਬਜਟ ਦੀ ਵੰਡ ਦਾ ਪ੍ਰਤੀਸ਼ਤ
ਘਟਾਇਆ ਜਾ ਰਿਹਾ ਹੈ। ਕਮੇਟੀ ਨੇ ਆਪਣੀ ਰਿਪੋਰਟ ਵਿੱਚ ਇਹ ਵੀ ਕਿਹਾ ਕਿ 2016-2017 ਤੋਂ 2021-22 ਤੱਕ ਕਿਸਾਨਾਂ ਦੀ ਆਮਦਨ ਵਿੱਚ 57.6% ਦਾ ਵਾਧਾ ਹੋਇਆ ਹੈ ਪਰ ਕਿਸਾਨਾਂ ਦੇ ਖਰਚੇ/ਲਾਗਤ ਵਿੱਚ 67.4% ਦਾ ਵਾਧਾ ਹੋਇਆ ਹੈ ਅਤੇ ਖੇਤੀ ਕਰਜ਼ਾ ਵਿੱਚ ਕਰਜ਼ਾ ਲੈਣ ਵਾਲਿਆਂ ਦੀ ਗਿਣਤੀ 47.4% ਤੋਂ ਵੱਧ ਕੇ 52 ਹੋ ਗਈ ਹੈ। ਕਿਸਾਨਾਂ ਦੀ ਕਰਜ਼ਾ ਮੁਕਤੀ ਲਈ ਨੀਤੀ ਬਣਾਉਣ, ਖੇਤੀ ਉਤਪਾਦਾਂ ਦੀ ਦਰਾਮਦ ਅਤੇ ਨਿਰਯਾਤ ਲਈ ਨੀਤੀਆਂ ਬਣਾਉਣ ਤੋਂ ਪਹਿਲਾਂ ਕਿਸਾਨਾਂ ਨਾਲ ਸਲਾਹ-ਮਸ਼ਵਰਾ ਕਰਨਾ, ਪ੍ਰਧਾਨ ਮੰਤਰੀ ਫਸਲ ਬੀਮਾ ਯੋਜਨਾ ਵਿੱਚ ਸੁਧਾਰ ਕਰਨਾ, ਬੀਜਾਂ ਉੱਪਰ ਕਿਸਾਨਾਂ ਦੇ
ਅਧਿਕਾਰਾਂ ਨੂੰ ਯਕੀਨੀ ਬਣਾਉਣ ਸਮੇਤ ਕਿਸਾਨਾਂ ਦੇ ਹੱਕ ਵਿੱਚ ਕਈ ਸੁਝਾਅ ਦਿੱਤੇ ਗਏ ਹਨ। ਕਿਸਾਨ ਆਗੂਆਂ ਨੇ ਕਿਹਾ ਕਿ ਜਗਜੀਤ ਸਿੰਘ ਡੱਲੇਵਾਲ ਜੀ ਦੀਆਂ ਭਾਵਨਾਵਾਂ ਅਨੁਸਾਰ ਸਾਡੀ ਟੀਮ ਇਸ ਰਿਪੋਰਟ ਦਾ ਡੂੰਘਾਈ ਨਾਲ ਅਧਿਐਨ ਕਰ ਰਹੀ ਹੈ ਅਤੇ ਜਲਦੀ ਹੀ ਵਿਸਥਾਰ ਨਾਲ ਆਪਣੇ ਵਿਚਾਰ ਰੱਖੇਗੀ। ਮੱਧ ਪ੍ਰਦੇਸ਼ ਦੇ ਇਟਾਰਸੀ ਵਿੱਚ ਕਿਸਾਨਾਂ ਨੇ ਵੱਡੀ ਗਿਣਤੀ ਵਿੱਚ ਇਕੱਠੇ ਹੋ ਕੇ ਜਗਜੀਤ ਸਿੰਘ ਡੱਲੇਵਾਲ ਦੇ ਮਰਨ ਵਰਤ ਦੇ ਸਮਰਥਨ ਵਿੱਚ ਇੱਕ ਰੋਜ਼ਾ ਸੰਕੇਤਕ ਭੁੱਖ ਹੜਤਾਲ ਕੀਤੀ ਹੈ। ਕਿਸਾਨ ਆਗੂਆਂ ਨੇ ਦੱਸਿਆ ਕਿ 24 ਦਸੰਬਰ ਨੂੰ ਜਗਜੀਤ ਸਿੰਘ ਡੱਲੇਵਾਲ ਦੇ ਮਰਨ ਵਰਤ ਦੇ ਸਮਰਥਨ ਵਿੱਚ ਦੇਸ਼ ਭਰ ਵਿੱਚ ਸ਼ਾਮ 5.30 ਵਜੇ ਮੋਮਬੱਤੀ ਮਾਰਚ ਕੱਢਿਆ ਜਾਵੇਗਾ ਅਤੇ 26 ਦਸੰਬਰ ਨੂੰ ਤਹਿਸੀਲ ਅਤੇ ਜ਼ਿਲ੍ਹਾ ਪੱਧਰ ਉੱਪਰ ਜਗਜੀਤ ਸਿੰਘ ਡੱਲੇਵਾਲ ਦੇ ਮਰਨ ਵਰਤ ਦੇ ਸਮਰਥਨ ਵਿੱਚ ਸਵੇਰੇ 10 ਵਜੇ ਤੋਂ ਸ਼ਾਮ 4 ਵਜੇ ਤੱਕ ਸੰਕੇਤਕ ਭੁੱਖ ਹੜਤਾਲ ਕੀਤੀ ਜਾਵੇਗੀ।
ਖੰਨਾ ਨਗਰ ਕੌਂਸਲ ਦੇ ਵਾਰਡ ਨੰ. 2 'ਚ ਹੰਗਾਮੇ
ਤੋਂ ਬਾਅਦ ਚੋਣ ਰੱਦ, ਮੁੜ ਤੋਂ ਪੈਣਗੀਆਂ ਵੋਟਾਂ
ਪੇਜ 3 ਨਿਊਜ਼ / ਪ.ਪ.
• ਚੰਡੀਗੜ੍ਹ / 22 ਦਸੰਬਰ
ਪੰਜਾਬ ਵਿੱਚ ਬੀਤੇ ਕੱਲ੍ਹ ਨਗਰ ਨਿਗਮ ਅਤੇ ਨਗਰ ਕੌਂਸਲ ਅਤੇ ਨਗਰ ਪੰਚਾਇਤੀ ਚੋਣਾਂ ਹੋਈਆਂ। ਸ਼ਾਮ ਨੂੰ ਨਤੀਜਿਆਂ ਦਾ ਐਲਾਨ ਵੀ ਕਰ ਦਿੱਤਾ ਗਿਆ। ਇਸ ਵਿਚਾਲੇ ਹੁਣ ਖੰਨਾ ਨਗਰ ਕੌਂਸਲ ਦੇ ਵਾਰਡ ਨੰਬਰ 2 'ਚ ਬੀਤੇ ਕੱਲ੍ਹ ਹੰਗਾਮੇ ਤੋਂ ਬਾਅਦ ਚੋਣਾਂ ਰੱਦ ਕਰ ਦਿੱਤੀਆਂ ਗਈਆਂ ਸਨ। ਇਸ ਤੋਂ ਬਾਅਦ ਹੁਣ ਰਾਜ ਚੋਣ ਕਮਿਸ਼ਨ ਨੇ ਮੁੜ ਤੋਂ ਚੋਣਾਂ ਦਾ ਐਲਾਨ ਕਰ ਦਿੱਤਾ ਗਿਆ ਹੈ ਇਸ ਸਬੰਧੀ ਨੋਟੀਫਿਕੇਸ਼ਨ ਵਿਭਾਗੀ ਕਰ ਦਿੱਤਾ ਗਿਆ ਹੈ। ਬੀਤੇ ਕੱਲ੍ਹ ਖੰਨਾ ਨਗਰ ਕੌਂਸਲ ਦੇ ਵਾਰਡ ਨੰਬਰ 2 ਵਿੱਚ ਵੋਟਾਂ ਦੀ ਗਿਣਤੀ ਦੌਰਾਨ ਈਵੀਐਮ ਮਸ਼ੀਨ ਟੁੱਟ ਗਈਆਂ ਸਨ। ਜਿਸ ਤੋਂ ਬਾਅਦ ਚੋਣ ਕਮਿਸ਼ਨ ਨੇ ਮੁੜ ਵੋਟਾਂ ਪਾਉਣ ਦੇ ਹੁਕਮ ਦਿੱਤੇ ਹਨ। ਵਾਰਡ-2 ਦੇ ਪੋਲਿੰਗ ਸਟੇਸ਼ਨ-4 ਵਿਖੇ ਸੋਮਵਾਰ 23 ਦਸੰਬਰ ਨੂੰ ਸਵੇਰੇ 7 ਵਜੇ ਤੋਂ ਸ਼ਾਮ
4 ਵਜੇ ਤੱਕ ਵੋਟਿੰਗ ਹੋਵੇਗੀ। ਰਾਜ ਚੋਣ ਕਮਿਸ਼ਨ ਨੇ ਡਿਪਟੀ ਕਮਿਸ਼ਨਰ ਲੁਧਿਆਣਾ ਤੇ ਜ਼ਿਲ੍ਹਾ ਚੋਣ ਅਫ਼ਸਰ ਨੂੰ ਮੁੜ ਵੋਟਿੰਗ ਕਰਵਾਉਣ ਦੇ ਹੁਕਮ ਦਿੱਤੇ ਹਨ। ਰਿਜ਼ਰਵ ਵਿੱਚ ਰੱਖੀਆਂ ਈਵੀਐਮ ਦੀ ਵਰਤੋਂ ਕੀਤੀ ਜਾਵੇਗੀ। ਇਸ ਤੋਂ ਇਲਾਵਾ ਸਟਾਫ਼ ਨਿਯੁਕਤ ਕਰਨ ਦੀਆਂ ਹਦਾਇਤਾਂ ਵੀ ਦਿੱਤੀਆਂ ਗਈਆਂ ਹਨ। ਸੁਰੱਖਿਆ ਦੇ ਸਖ਼ਤ ਪ੍ਰਬੰਧ ਕਰਨ ਲਈ ਵੀ ਕਿਹਾ ਗਿਆ ਹੈ। ਇਸ ਤੋਂ ਇਲਾਵਾ ਇਸ ਸੂਚਨਾ ਨੂੰ ਵੋਟਰਾਂ ਤੱਕ ਪਹੁੰਚਾਉਣ ਲਈ ਵੱਖ-ਵੱਖ ਤਰੀਕਿਆਂ ਨਾਲ ਪ੍ਰਚਾਰ ਕਰਨ ਦੇ ਵੀ ਨਿਰਦੇਸ਼ ਦਿੱਤੇ ਗਏ ਹਨ।
